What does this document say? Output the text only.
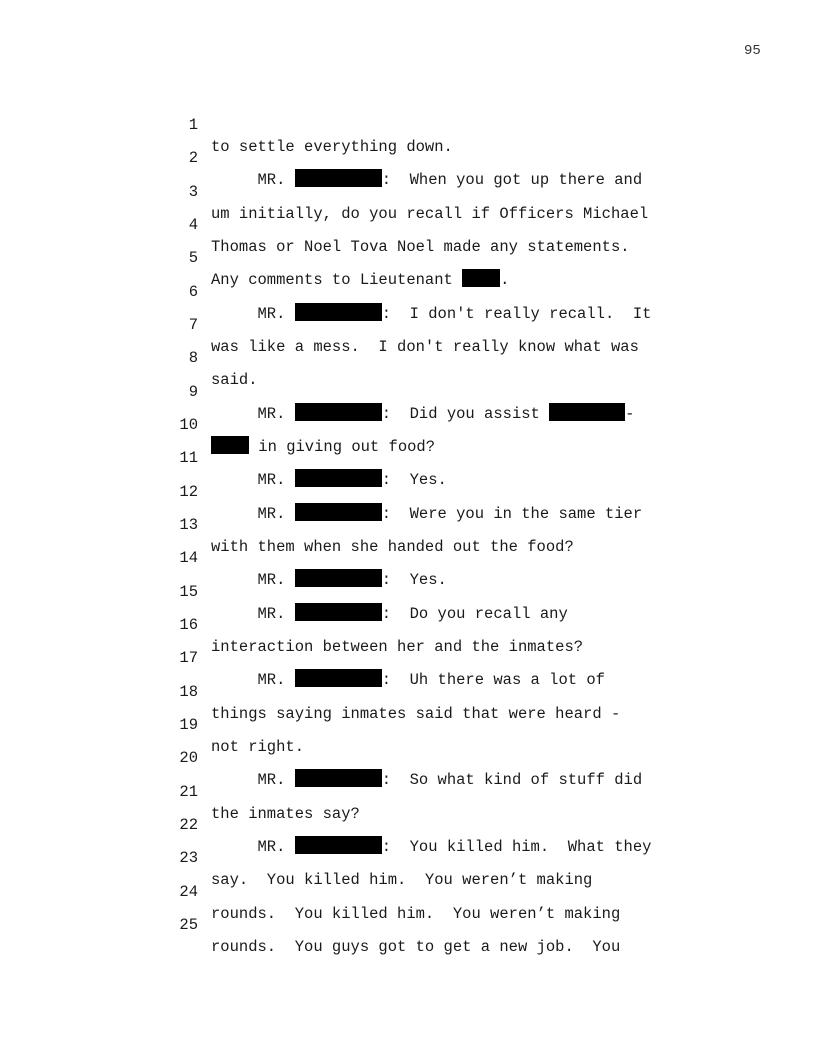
95

1

to settle everything down.

2

MR.	:  When you got up there and

3

um initially, do you recall if Officers Michael

4

Thomas or Noel Tova Noel made any statements.

5

Any comments to Lieutenant .

6

MR.	:  I don't really recall.  It

7

was like a mess.  I don't really know what was

8

said.

9

MR.	:  Did you assist	-

10

in giving out food?

11

MR.	:  Yes.

12

MR.	:  Were you in the same tier

13

with them when she handed out the food?

14

MR.	:  Yes.

15

MR.	:  Do you recall any

16

interaction between her and the inmates?

17

MR.	:  Uh there was a lot of

18

things saying inmates said that were heard -

19

not right.

20

MR.	:  So what kind of stuff did

21

the inmates say?

22

MR.	:  You killed him.  What they

23

say.  You killed him.  You weren’t making

24

rounds.  You killed him.  You weren’t making

25

rounds.  You guys got to get a new job.  You
